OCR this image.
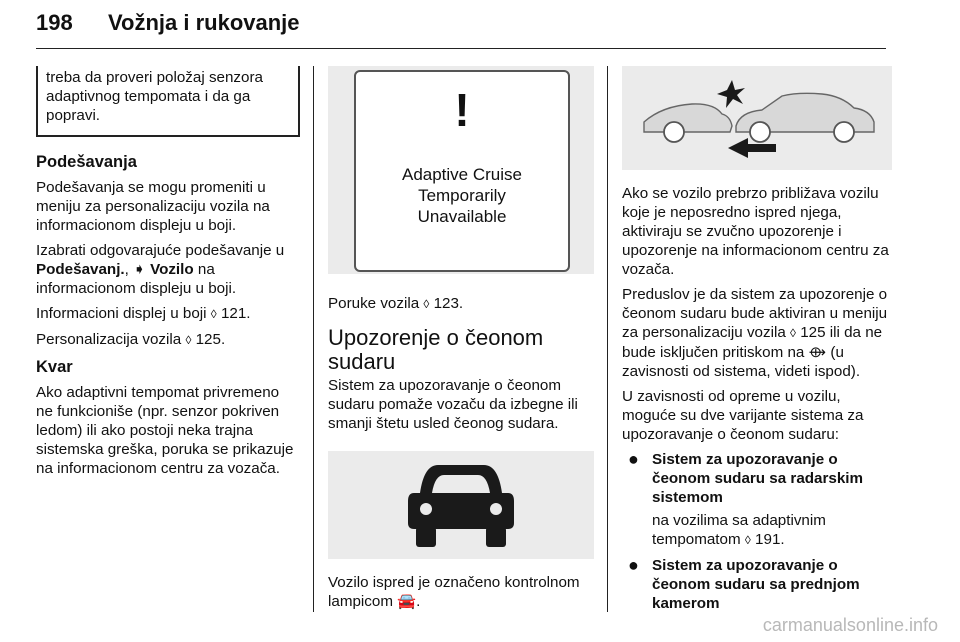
198 Vožnja i rukovanje

treba da proveri položaj senzora adaptivnog tempomata i da ga popravi.

Podešavanja

Podešavanja se mogu promeniti u meniju za personalizaciju vozila na informacionom displeju u boji.

Izabrati odgovarajuće podešavanje u Podešavanj., ➧ Vozilo na informacionom displeju u boji.

Informacioni displej u boji ◊ 121.

Personalizacija vozila ◊ 125.

Kvar

Ako adaptivni tempomat privremeno ne funkcioniše (npr. senzor pokriven ledom) ili ako postoji neka trajna sistemska greška, poruka se prikazuje na informacionom centru za vozača.

!
Adaptive Cruise
Temporarily
Unavailable

Poruke vozila ◊ 123.

Upozorenje o čeonom sudaru

Sistem za upozoravanje o čeonom sudaru pomaže vozaču da izbegne ili smanji štetu usled čeonog sudara.

Vozilo ispred je označeno kontrolnom lampicom 🚘.

Ako se vozilo prebrzo približava vozilu koje je neposredno ispred njega, aktiviraju se zvučno upozorenje i upozorenje na informacionom centru za vozača.

Preduslov je da sistem za upozorenje o čeonom sudaru bude aktiviran u meniju za personalizaciju vozila ◊ 125 ili da ne bude isključen pritiskom na ⟴ (u zavisnosti od sistema, videti ispod).

U zavisnosti od opreme u vozilu, moguće su dve varijante sistema za upozoravanje o čeonom sudaru:

● Sistem za upozoravanje o čeonom sudaru sa radarskim sistemom

na vozilima sa adaptivnim tempomatom ◊ 191.

● Sistem za upozoravanje o čeonom sudaru sa prednjom kamerom
carmanualsonline.info
